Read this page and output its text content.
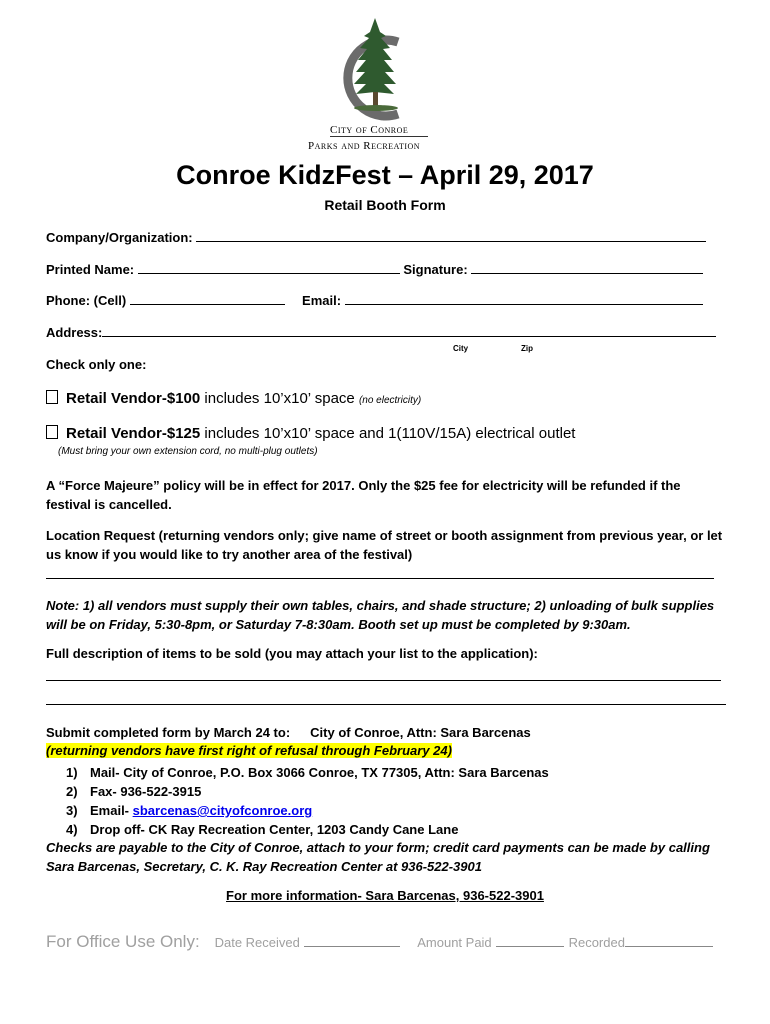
City of Conroe
Parks and Recreation
Conroe KidzFest – April 29, 2017
Retail Booth Form
Company/Organization:
Printed Name:	Signature:
Phone: (Cell)	Email:
Address:
City	Zip
Check only one:
Retail Vendor-$100 includes 10’x10’ space (no electricity)
Retail Vendor-$125 includes 10’x10’ space and 1(110V/15A) electrical outlet
(Must bring your own extension cord, no multi-plug outlets)
A “Force Majeure” policy will be in effect for 2017. Only the $25 fee for electricity will be refunded if the festival is cancelled.
Location Request (returning vendors only; give name of street or booth assignment from previous year, or let us know if you would like to try another area of the festival)
Note: 1) all vendors must supply their own tables, chairs, and shade structure; 2) unloading of bulk supplies will be on Friday, 5:30-8pm, or Saturday 7-8:30am. Booth set up must be completed by 9:30am.
Full description of items to be sold (you may attach your list to the application):
Submit completed form by March 24 to: City of Conroe, Attn: Sara Barcenas
(returning vendors have first right of refusal through February 24)
1) Mail- City of Conroe, P.O. Box 3066 Conroe, TX 77305, Attn: Sara Barcenas
2) Fax- 936-522-3915
3) Email- sbarcenas@cityofconroe.org
4) Drop off- CK Ray Recreation Center, 1203 Candy Cane Lane
Checks are payable to the City of Conroe, attach to your form; credit card payments can be made by calling Sara Barcenas, Secretary, C. K. Ray Recreation Center at 936-522-3901
For more information- Sara Barcenas, 936-522-3901
For Office Use Only: Date Received	Amount Paid	Recorded
